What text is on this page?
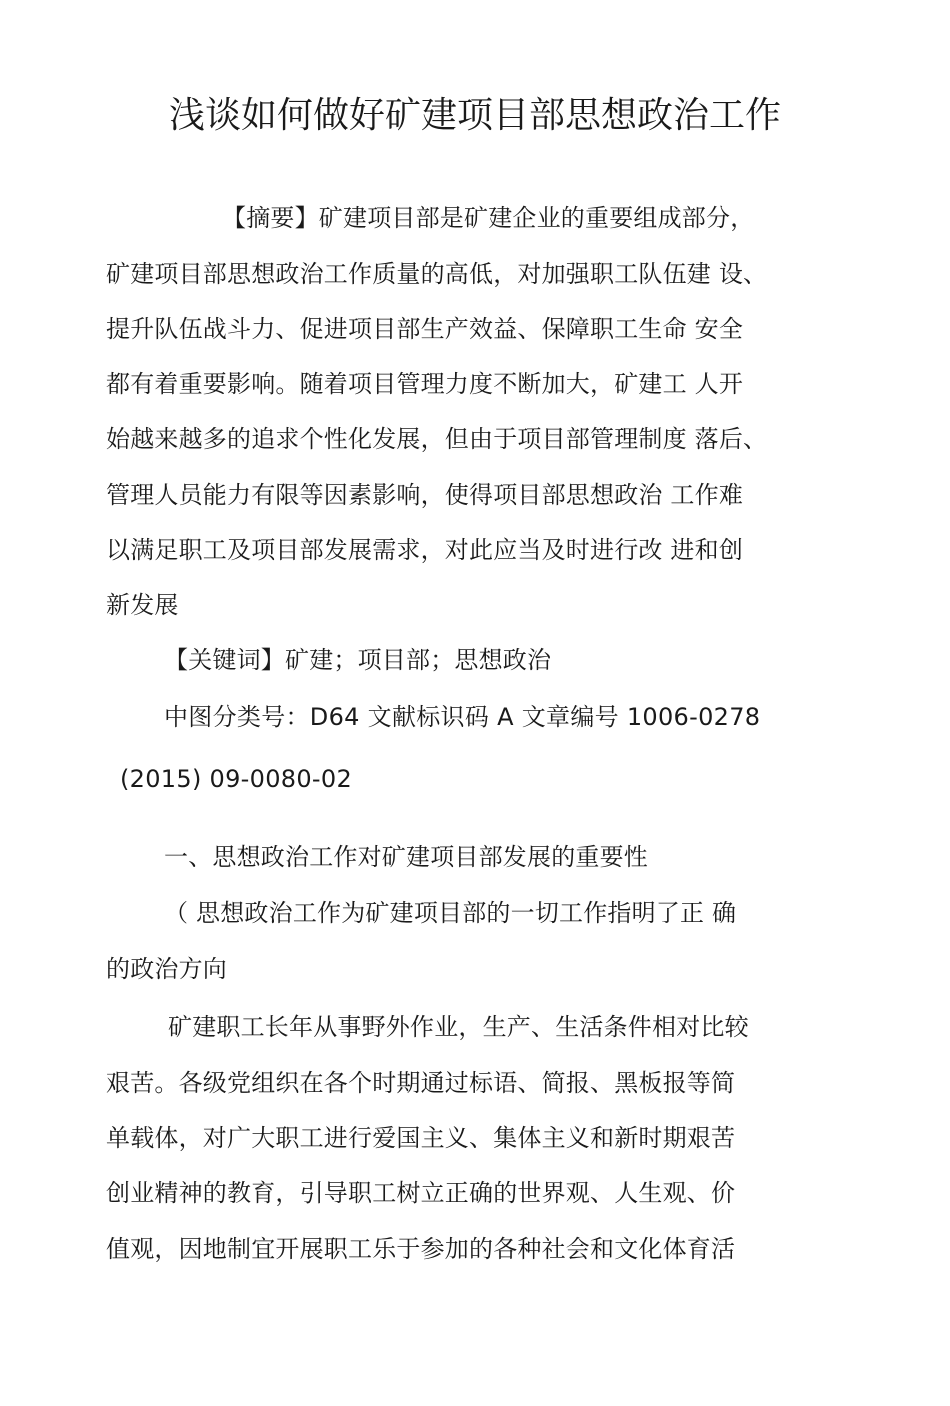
浅谈如何做好矿建项目部思想政治工作
【摘要】矿建项目部是矿建企业的重要组成部分，
矿建项目部思想政治工作质量的高低，对加强职工队伍建 设、
提升队伍战斗力、促进项目部生产效益、保障职工生命 安全
都有着重要影响。随着项目管理力度不断加大，矿建工 人开
始越来越多的追求个性化发展，但由于项目部管理制度 落后、
管理人员能力有限等因素影响，使得项目部思想政治 工作难
以满足职工及项目部发展需求，对此应当及时进行改 进和创
新发展
【关键词】矿建；项目部；思想政治
中图分类号：D64 文献标识码 A 文章编号 1006-0278
(2015) 09-0080-02
一、思想政治工作对矿建项目部发展的重要性
（ 思想政治工作为矿建项目部的一切工作指明了正 确
的政治方向
矿建职工长年从事野外作业，生产、生活条件相对比较
艰苦。各级党组织在各个时期通过标语、简报、黑板报等简
单载体，对广大职工进行爱国主义、集体主义和新时期艰苦
创业精神的教育，引导职工树立正确的世界观、人生观、价
值观，因地制宜开展职工乐于参加的各种社会和文化体育活
